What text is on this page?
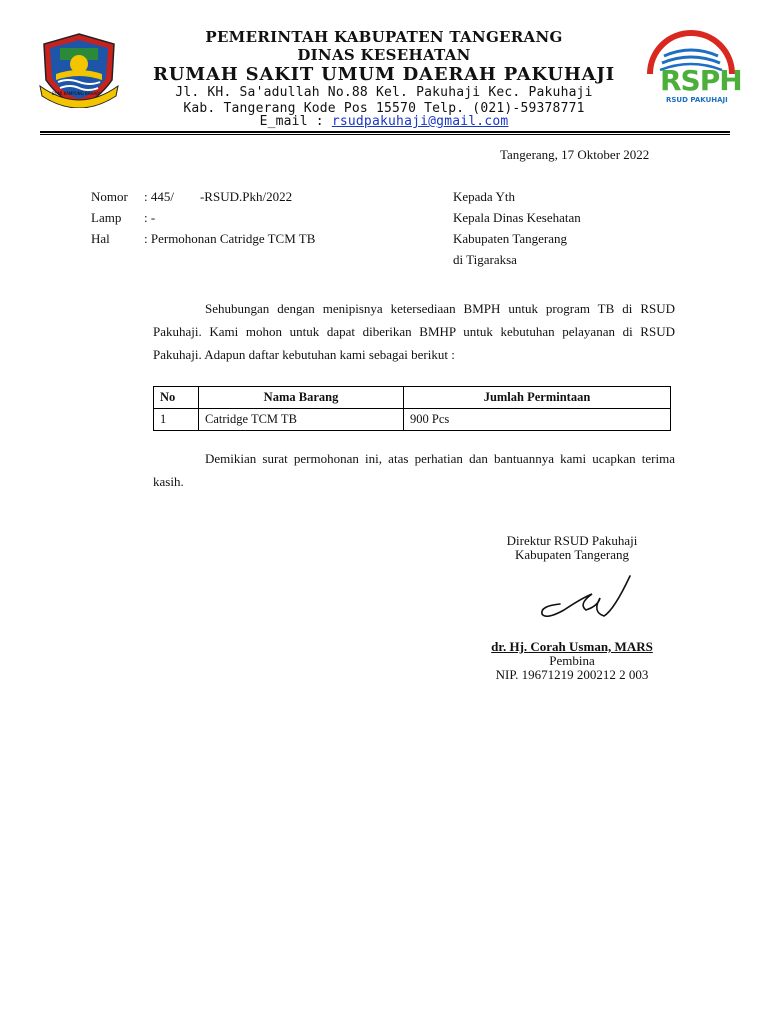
BUMI KAMPUNG BAHARI	RSPH
RSUD PAKUHAJI
PEMERINTAH KABUPATEN TANGERANG
DINAS KESEHATAN
RUMAH SAKIT UMUM DAERAH PAKUHAJI
Jl. KH. Sa'adullah No.88 Kel. Pakuhaji Kec. Pakuhaji
Kab. Tangerang Kode Pos 15570 Telp. (021)-59378771
E_mail : rsudpakuhaji@gmail.com
Tangerang, 17 Oktober 2022
Nomor : 445/        -RSUD.Pkh/2022
Lamp : -
Hal	: Permohonan Catridge TCM TB
Kepada Yth
Kepala Dinas Kesehatan
Kabupaten Tangerang
di Tigaraksa
Sehubungan dengan menipisnya ketersediaan BMPH untuk program TB di RSUD Pakuhaji. Kami mohon untuk dapat diberikan BMHP untuk kebutuhan pelayanan di RSUD Pakuhaji. Adapun daftar kebutuhan kami sebagai berikut :
No	Nama Barang	Jumlah Permintaan
1	Catridge TCM TB	900 Pcs
Demikian surat permohonan ini, atas perhatian dan bantuannya kami ucapkan terima kasih.
Direktur RSUD Pakuhaji
Kabupaten Tangerang
dr. Hj. Corah Usman, MARS
Pembina
NIP. 19671219 200212 2 003
